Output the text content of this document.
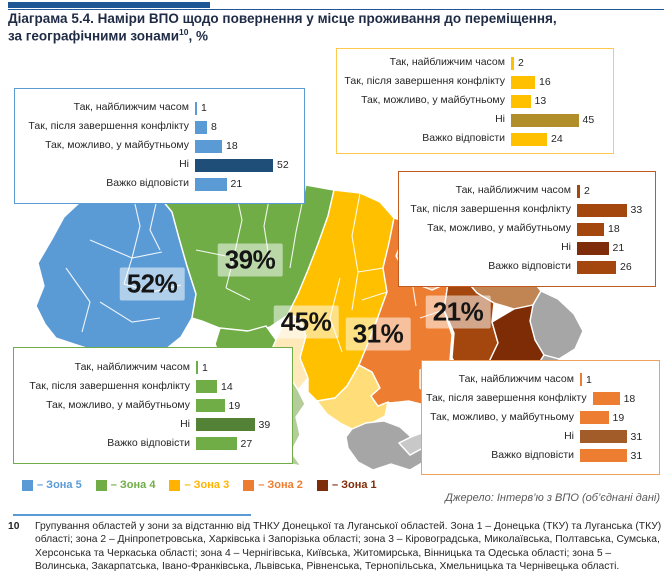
Діаграма 5.4. Наміри ВПО щодо повернення у місце проживання до переміщення,
за географічними зонами$^{10}$, %
52%
39%
45% 31%
21%
Так, найближчим часом	1
Так, після завершення конфлікту	8
Так, можливо, у майбутньому	18
Ні	52
Важко відповісти	21
Так, найближчим часом	2
Так, після завершення конфлікту	16
Так, можливо, у майбутньому	13
Ні	45
Важко відповісти	24
Так, найближчим часом	2
Так, після завершення конфлікту	33
Так, можливо, у майбутньому	18
Ні	21
Важко відповісти	26
Так, найближчим часом	1
Так, після завершення конфлікту	14
Так, можливо, у майбутньому	19
Ні	39
Важко відповісти	27
Так, найближчим часом	1
Так, після завершення конфлікту	18
Так, можливо, у майбутньому	19
Ні	31
Важко відповісти	31
– Зона 5	– Зона 4	– Зона 3	– Зона 2	– Зона 1
Джерело: Інтерв’ю з ВПО (об’єднані дані)
10	Групування областей у зони за відстанню від ТНКУ Донецької та Луганської областей. Зона 1 – Донецька (ТКУ) та Луганська (ТКУ) області; зона 2 – Дніпропетровська, Харківська і Запорізька області; зона 3 – Кіровоградська, Миколаївська, Полтавська, Сумська, Херсонська та Черкаська області; зона 4 – Чернігівська, Київська, Житомирська, Вінницька та Одеська області; зона 5 – Волинська, Закарпатська, Івано-Франківська, Львівська, Рівненська, Тернопільська, Хмельницька та Чернівецька області.
